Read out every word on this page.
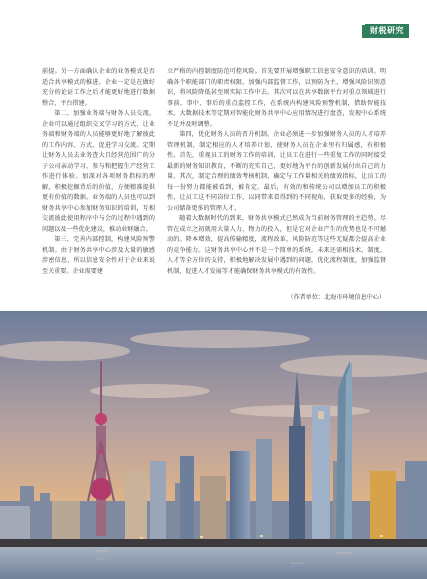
财税研究

前提。另一方面确认企业的业务模式是否适合共享模式的推进。企业一定是在做好充分的论证工作之后才能更好地进行数据整合，平台搭建。

第二，加强业务端与财务人员交流。企业可以通过组织交叉学习的方式，让业务端和财务端的人员能够更好地了解彼此的工作内容、方式，促进学习交流。定期让财务人员去业务查大且经营范围广的分子公司亲动学习，参与和把握生产经营工作进行体验。加深对各项财务指标的理解，积极挖掘背后的价值，方便精准提供更有价值的数据。业务端的人员也可以到财务共享中心参加财务知识的培训，互相交流彼此使用程序中与会的过程中遇到的问题以及一些优化建议，推动业财融合。

第三，完善内部控制，构建风险预警机制。由于财务共享中心涉及大量的敏感涉密信息，所以信息安全性对于企业来说至关重要。企业需要建

立严格的内控制度防范可控风险。首先要开展增强职工信息安全意识的培训。明确各个职能部门的职责权限，加强内部监督工作，以预防为主，增强风险识别意识，将风险降低甚至则实际工作中去。其次可以在共享数据平台对重点领域进行事前、事中、事后的重点监控工作，在系统内构建风险预警机制，借助智能技术、大数据技术等定期对智能化财务共享中心应用情况进行盘查，发现中心系统不足并及时调整。

第四，优化财务人员的晋升机制。企业必须进一步加强财务人员的人才培养管理机制，制定相应的人才培养计划，使财务人员在企业里有归属感，有积极性。首先，重视员工的财务工作的培训，让员工在进行一些重复工作的同时接受最新的财务知识教育，不断的充实自己，更好地为平台的创新发展付出自己的力量。其次，制定合理的绩效考核机制，确定与工作量相关的绩效指标，让员工的每一份努力都能被看到，被肯定。最后，有效的和传统公司以增加员工的积极性，让员工这不同岗位工作，以同带来看得到的不同视角，获取更多的经验，为公司储备更多的管理人才。

随着大数据时代的到来，财务共享模式已然成为当前财务管理的主趋势。尽管在成立之初就用大量人力、物力的投入，但是它对企业产生的优势也是不可撼动的。降本增效，提高传输精度，流程改革，风险防范等这些无疑都会提高企业的竞争能力。这财务共享中心并不是一个简单的系统，未来还需相技术、制度、人才等全方位的支持，积极地解决发展中遇到的问题，优化流程制度，加强监督机制，促进人才发展等才能确保财务共享模式的有效性。

（作者单位：北海市环境信息中心）
